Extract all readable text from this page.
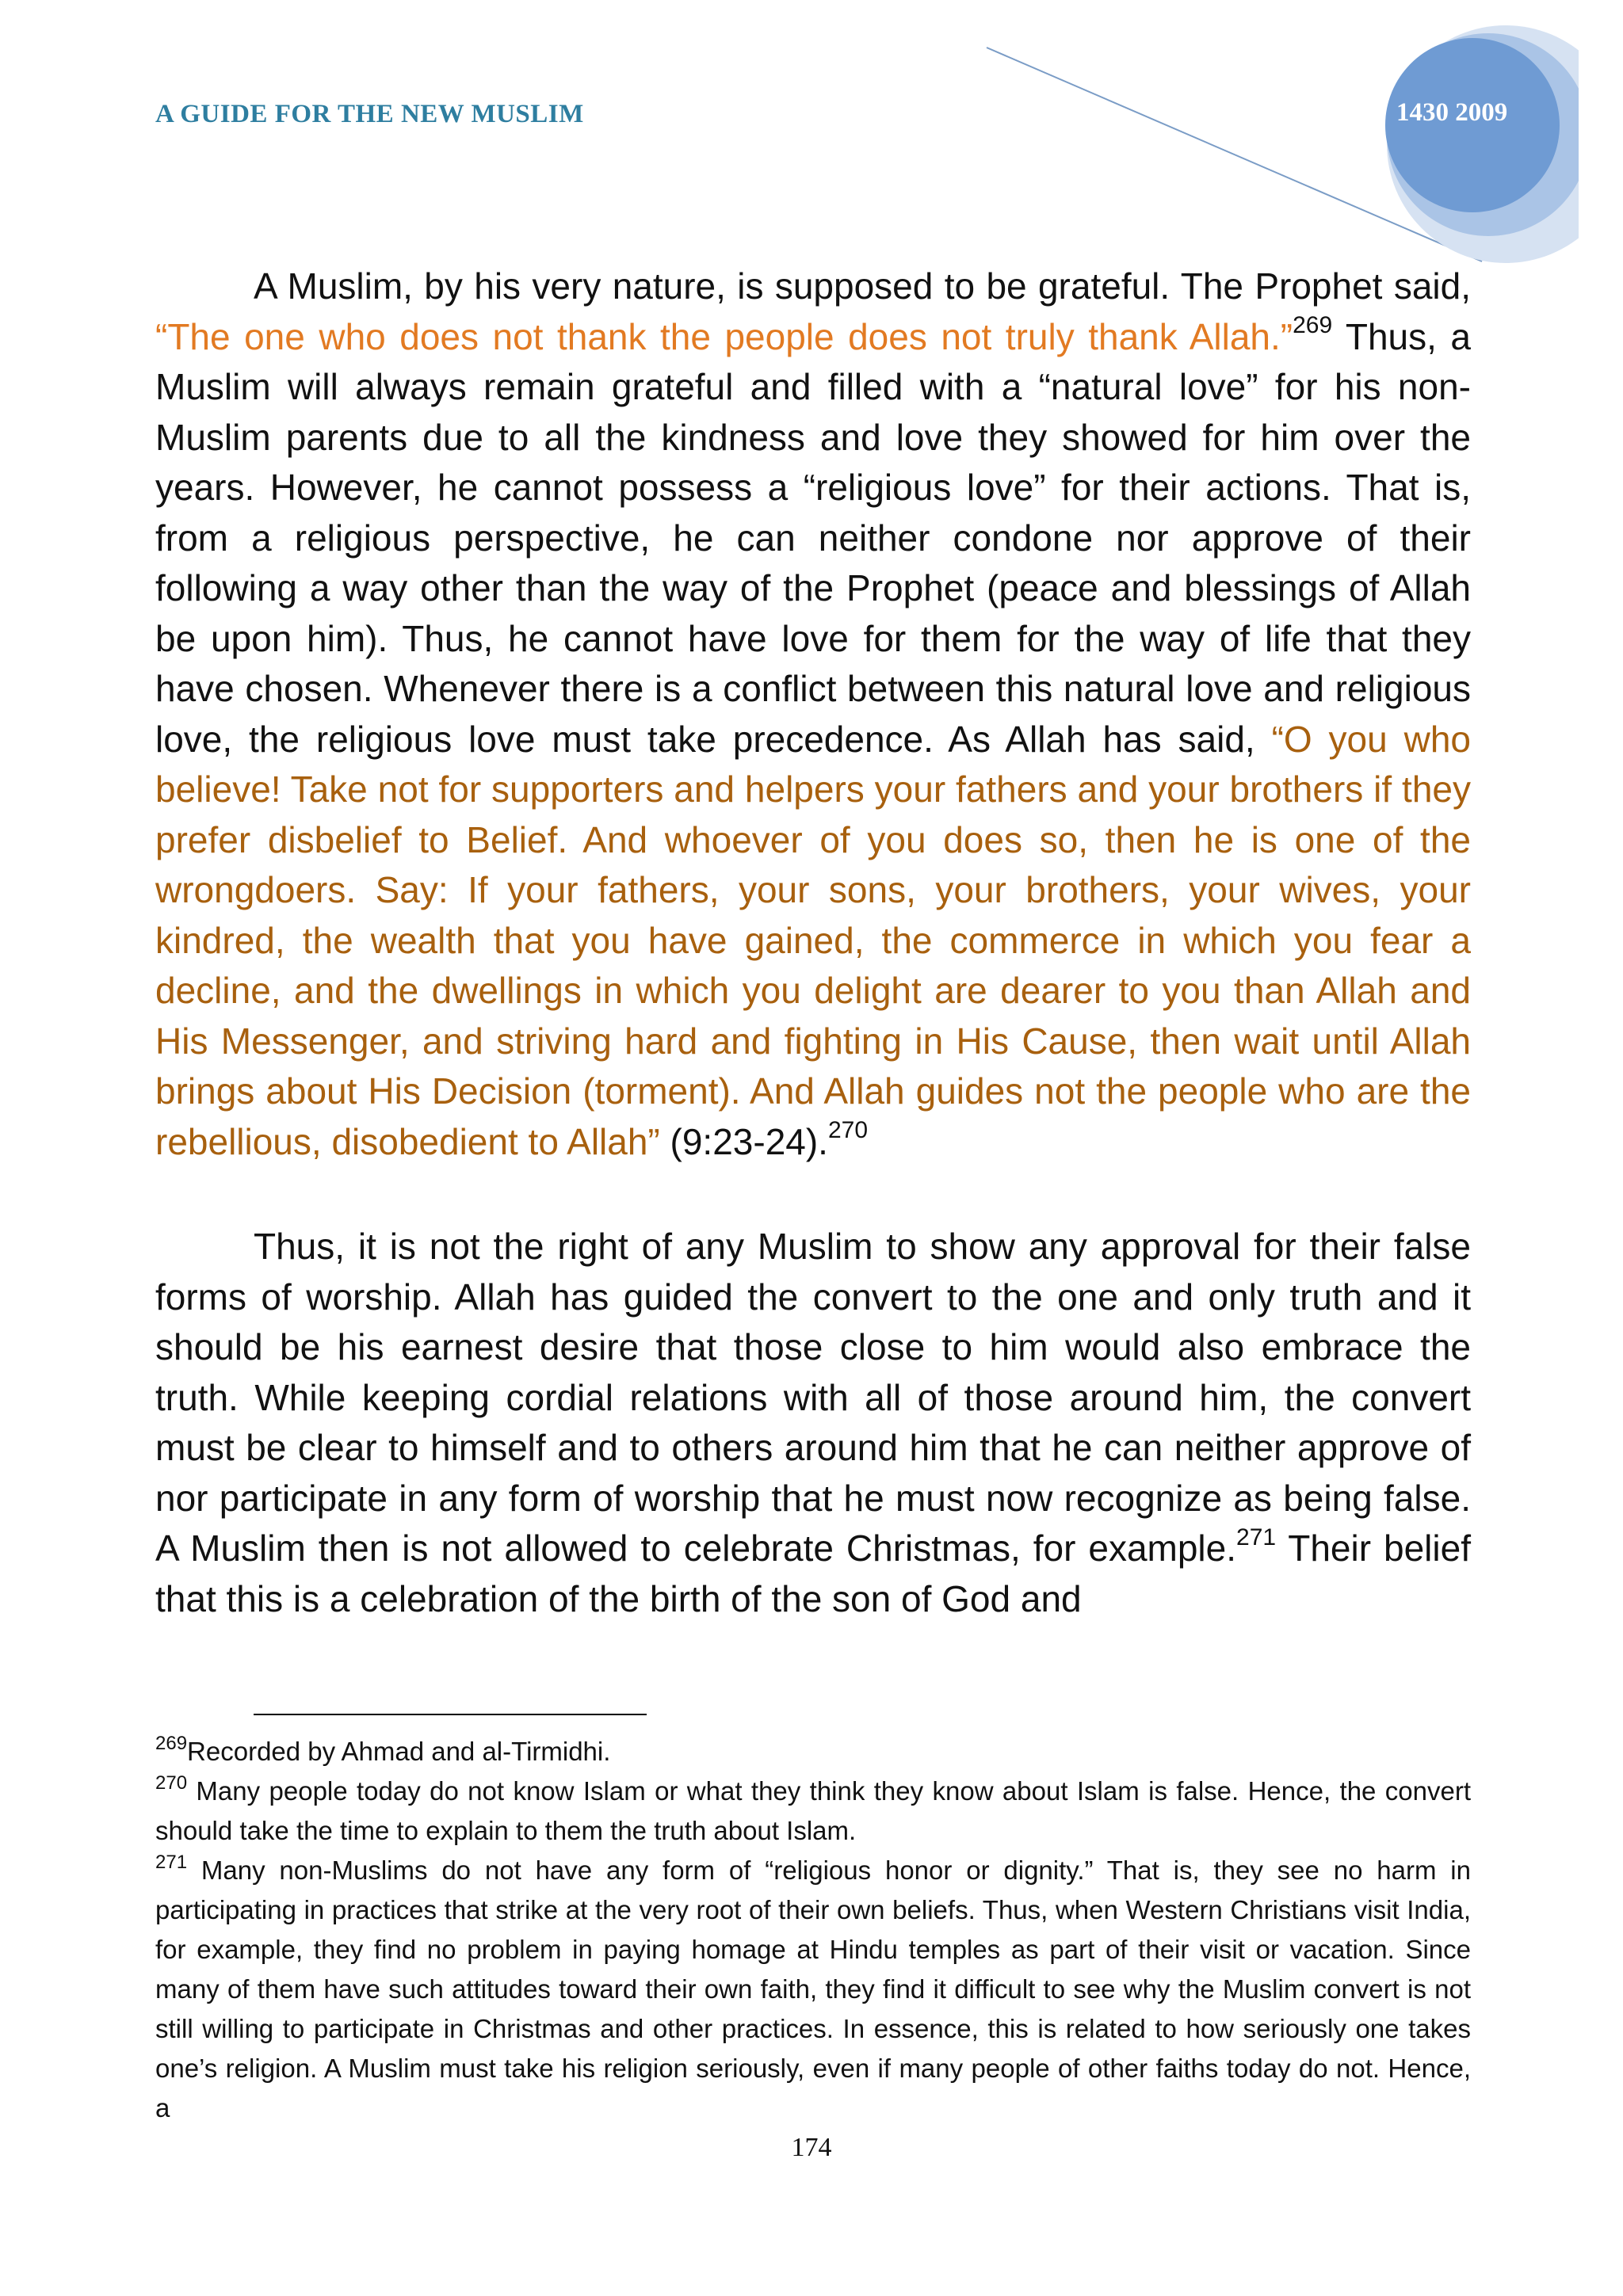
A GUIDE FOR THE NEW MUSLIM	1430 2009
A Muslim, by his very nature, is supposed to be grateful. The Prophet said, “The one who does not thank the people does not truly thank Allah.”$^{269}$ Thus, a Muslim will always remain grateful and filled with a “natural love” for his non-Muslim parents due to all the kindness and love they showed for him over the years. However, he cannot possess a “religious love” for their actions. That is, from a religious perspective, he can neither condone nor approve of their following a way other than the way of the Prophet (peace and blessings of Allah be upon him). Thus, he cannot have love for them for the way of life that they have chosen. Whenever there is a conflict between this natural love and religious love, the religious love must take precedence. As Allah has said, “O you who believe! Take not for supporters and helpers your fathers and your brothers if they prefer disbelief to Belief. And whoever of you does so, then he is one of the wrongdoers. Say: If your fathers, your sons, your brothers, your wives, your kindred, the wealth that you have gained, the commerce in which you fear a decline, and the dwellings in which you delight are dearer to you than Allah and His Messenger, and striving hard and fighting in His Cause, then wait until Allah brings about His Decision (torment). And Allah guides not the people who are the rebellious, disobedient to Allah” (9:23-24).$^{270}$
Thus, it is not the right of any Muslim to show any approval for their false forms of worship. Allah has guided the convert to the one and only truth and it should be his earnest desire that those close to him would also embrace the truth. While keeping cordial relations with all of those around him, the convert must be clear to himself and to others around him that he can neither approve of nor participate in any form of worship that he must now recognize as being false. A Muslim then is not allowed to celebrate Christmas, for example.$^{271}$ Their belief that this is a celebration of the birth of the son of God and

$^{269}$Recorded by Ahmad and al-Tirmidhi.

$^{270}$ Many people today do not know Islam or what they think they know about Islam is false. Hence, the convert should take the time to explain to them the truth about Islam.

$^{271}$ Many non-Muslims do not have any form of “religious honor or dignity.” That is, they see no harm in participating in practices that strike at the very root of their own beliefs. Thus, when Western Christians visit India, for example, they find no problem in paying homage at Hindu temples as part of their visit or vacation. Since many of them have such attitudes toward their own faith, they find it difficult to see why the Muslim convert is not still willing to participate in Christmas and other practices. In essence, this is related to how seriously one takes one’s religion. A Muslim must take his religion seriously, even if many people of other faiths today do not. Hence, a

174
